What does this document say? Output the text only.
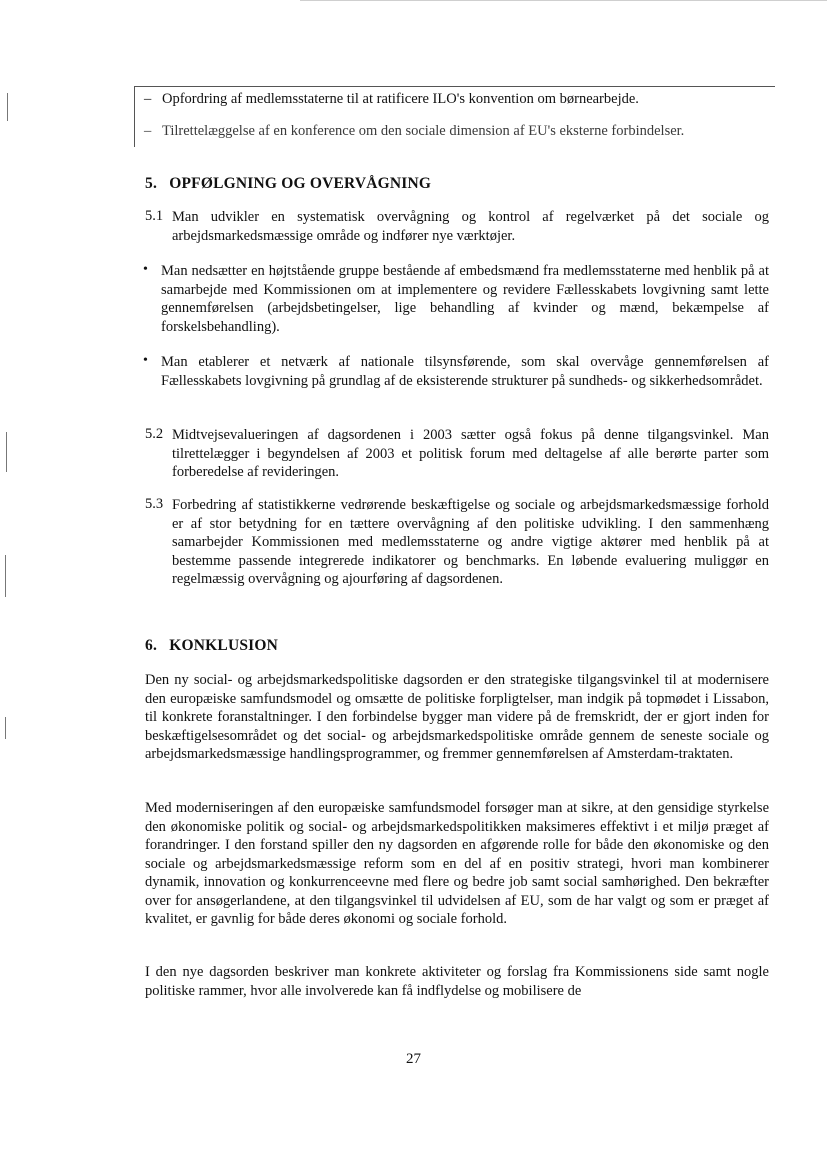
– Opfordring af medlemsstaterne til at ratificere ILO's konvention om børnearbejde.
– Tilrettelæggelse af en konference om den sociale dimension af EU's eksterne forbindelser.
5.   OPFØLGNING OG OVERVÅGNING
5.1 Man udvikler en systematisk overvågning og kontrol af regelværket på det sociale og arbejdsmarkedsmæssige område og indfører nye værktøjer.
• Man nedsætter en højtstående gruppe bestående af embedsmænd fra medlemsstaterne med henblik på at samarbejde med Kommissionen om at implementere og revidere Fællesskabets lovgivning samt lette gennemførelsen (arbejdsbetingelser, lige behandling af kvinder og mænd, bekæmpelse af forskelsbehandling).
• Man etablerer et netværk af nationale tilsynsførende, som skal overvåge gennemførelsen af Fællesskabets lovgivning på grundlag af de eksisterende strukturer på sundheds- og sikkerhedsområdet.
5.2 Midtvejsevalueringen af dagsordenen i 2003 sætter også fokus på denne tilgangsvinkel. Man tilrettelægger i begyndelsen af 2003 et politisk forum med deltagelse af alle berørte parter som forberedelse af revideringen.
5.3 Forbedring af statistikkerne vedrørende beskæftigelse og sociale og arbejdsmarkedsmæssige forhold er af stor betydning for en tættere overvågning af den politiske udvikling. I den sammenhæng samarbejder Kommissionen med medlemsstaterne og andre vigtige aktører med henblik på at bestemme passende integrerede indikatorer og benchmarks. En løbende evaluering muliggør en regelmæssig overvågning og ajourføring af dagsordenen.
6.   KONKLUSION
Den ny social- og arbejdsmarkedspolitiske dagsorden er den strategiske tilgangsvinkel til at modernisere den europæiske samfundsmodel og omsætte de politiske forpligtelser, man indgik på topmødet i Lissabon, til konkrete foranstaltninger. I den forbindelse bygger man videre på de fremskridt, der er gjort inden for beskæftigelsesområdet og det social- og arbejdsmarkedspolitiske område gennem de seneste sociale og arbejdsmarkedsmæssige handlingsprogrammer, og fremmer gennemførelsen af Amsterdam-traktaten.
Med moderniseringen af den europæiske samfundsmodel forsøger man at sikre, at den gensidige styrkelse den økonomiske politik og social- og arbejdsmarkedspolitikken maksimeres effektivt i et miljø præget af forandringer. I den forstand spiller den ny dagsorden en afgørende rolle for både den økonomiske og den sociale og arbejdsmarkedsmæssige reform som en del af en positiv strategi, hvori man kombinerer dynamik, innovation og konkurrenceevne med flere og bedre job samt social samhørighed. Den bekræfter over for ansøgerlandene, at den tilgangsvinkel til udvidelsen af EU, som de har valgt og som er præget af kvalitet, er gavnlig for både deres økonomi og sociale forhold.
I den nye dagsorden beskriver man konkrete aktiviteter og forslag fra Kommissionens side samt nogle politiske rammer, hvor alle involverede kan få indflydelse og mobilisere de
27
